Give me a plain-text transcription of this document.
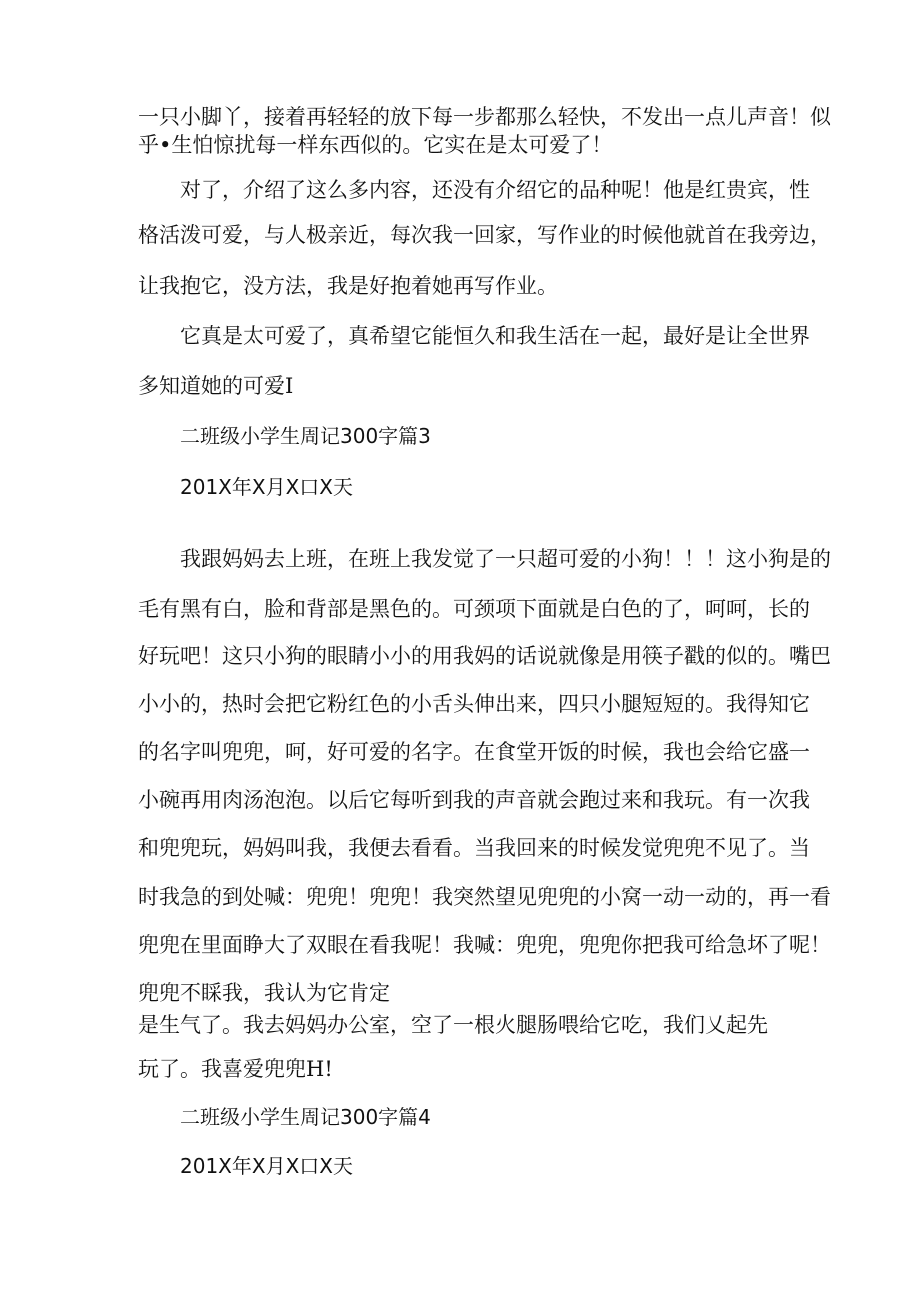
一只小脚丫，接着再轻轻的放下每一步都那么轻快，不发出一点儿声音！似
乎•生怕惊扰每一样东西似的。它实在是太可爱了！
对了，介绍了这么多内容，还没有介绍它的品种呢！他是红贵宾，性
格活泼可爱，与人极亲近，每次我一回家，写作业的时候他就首在我旁边，
让我抱它，没方法，我是好抱着她再写作业。
它真是太可爱了，真希望它能恒久和我生活在一起，最好是让全世界
多知道她的可爱I
二班级小学生周记300字篇3
201X年X月X口X天
我跟妈妈去上班，在班上我发觉了一只超可爱的小狗！！！这小狗是的
毛有黑有白，脸和背部是黑色的。可颈项下面就是白色的了，呵呵，长的
好玩吧！这只小狗的眼睛小小的用我妈的话说就像是用筷子戳的似的。嘴巴
小小的，热时会把它粉红色的小舌头伸出来，四只小腿短短的。我得知它
的名字叫兜兜，呵，好可爱的名字。在食堂开饭的时候，我也会给它盛一
小碗再用肉汤泡泡。以后它每听到我的声音就会跑过来和我玩。有一次我
和兜兜玩，妈妈叫我，我便去看看。当我回来的时候发觉兜兜不见了。当
时我急的到处喊：兜兜！兜兜！我突然望见兜兜的小窝一动一动的，再一看
兜兜在里面睁大了双眼在看我呢！我喊：兜兜，兜兜你把我可给急坏了呢！
兜兜不睬我，我认为它肯定
是生气了。我去妈妈办公室，空了一根火腿肠喂给它吃，我们乂起先
玩了。我喜爱兜兜H!
二班级小学生周记300字篇4
201X年X月X口X天
